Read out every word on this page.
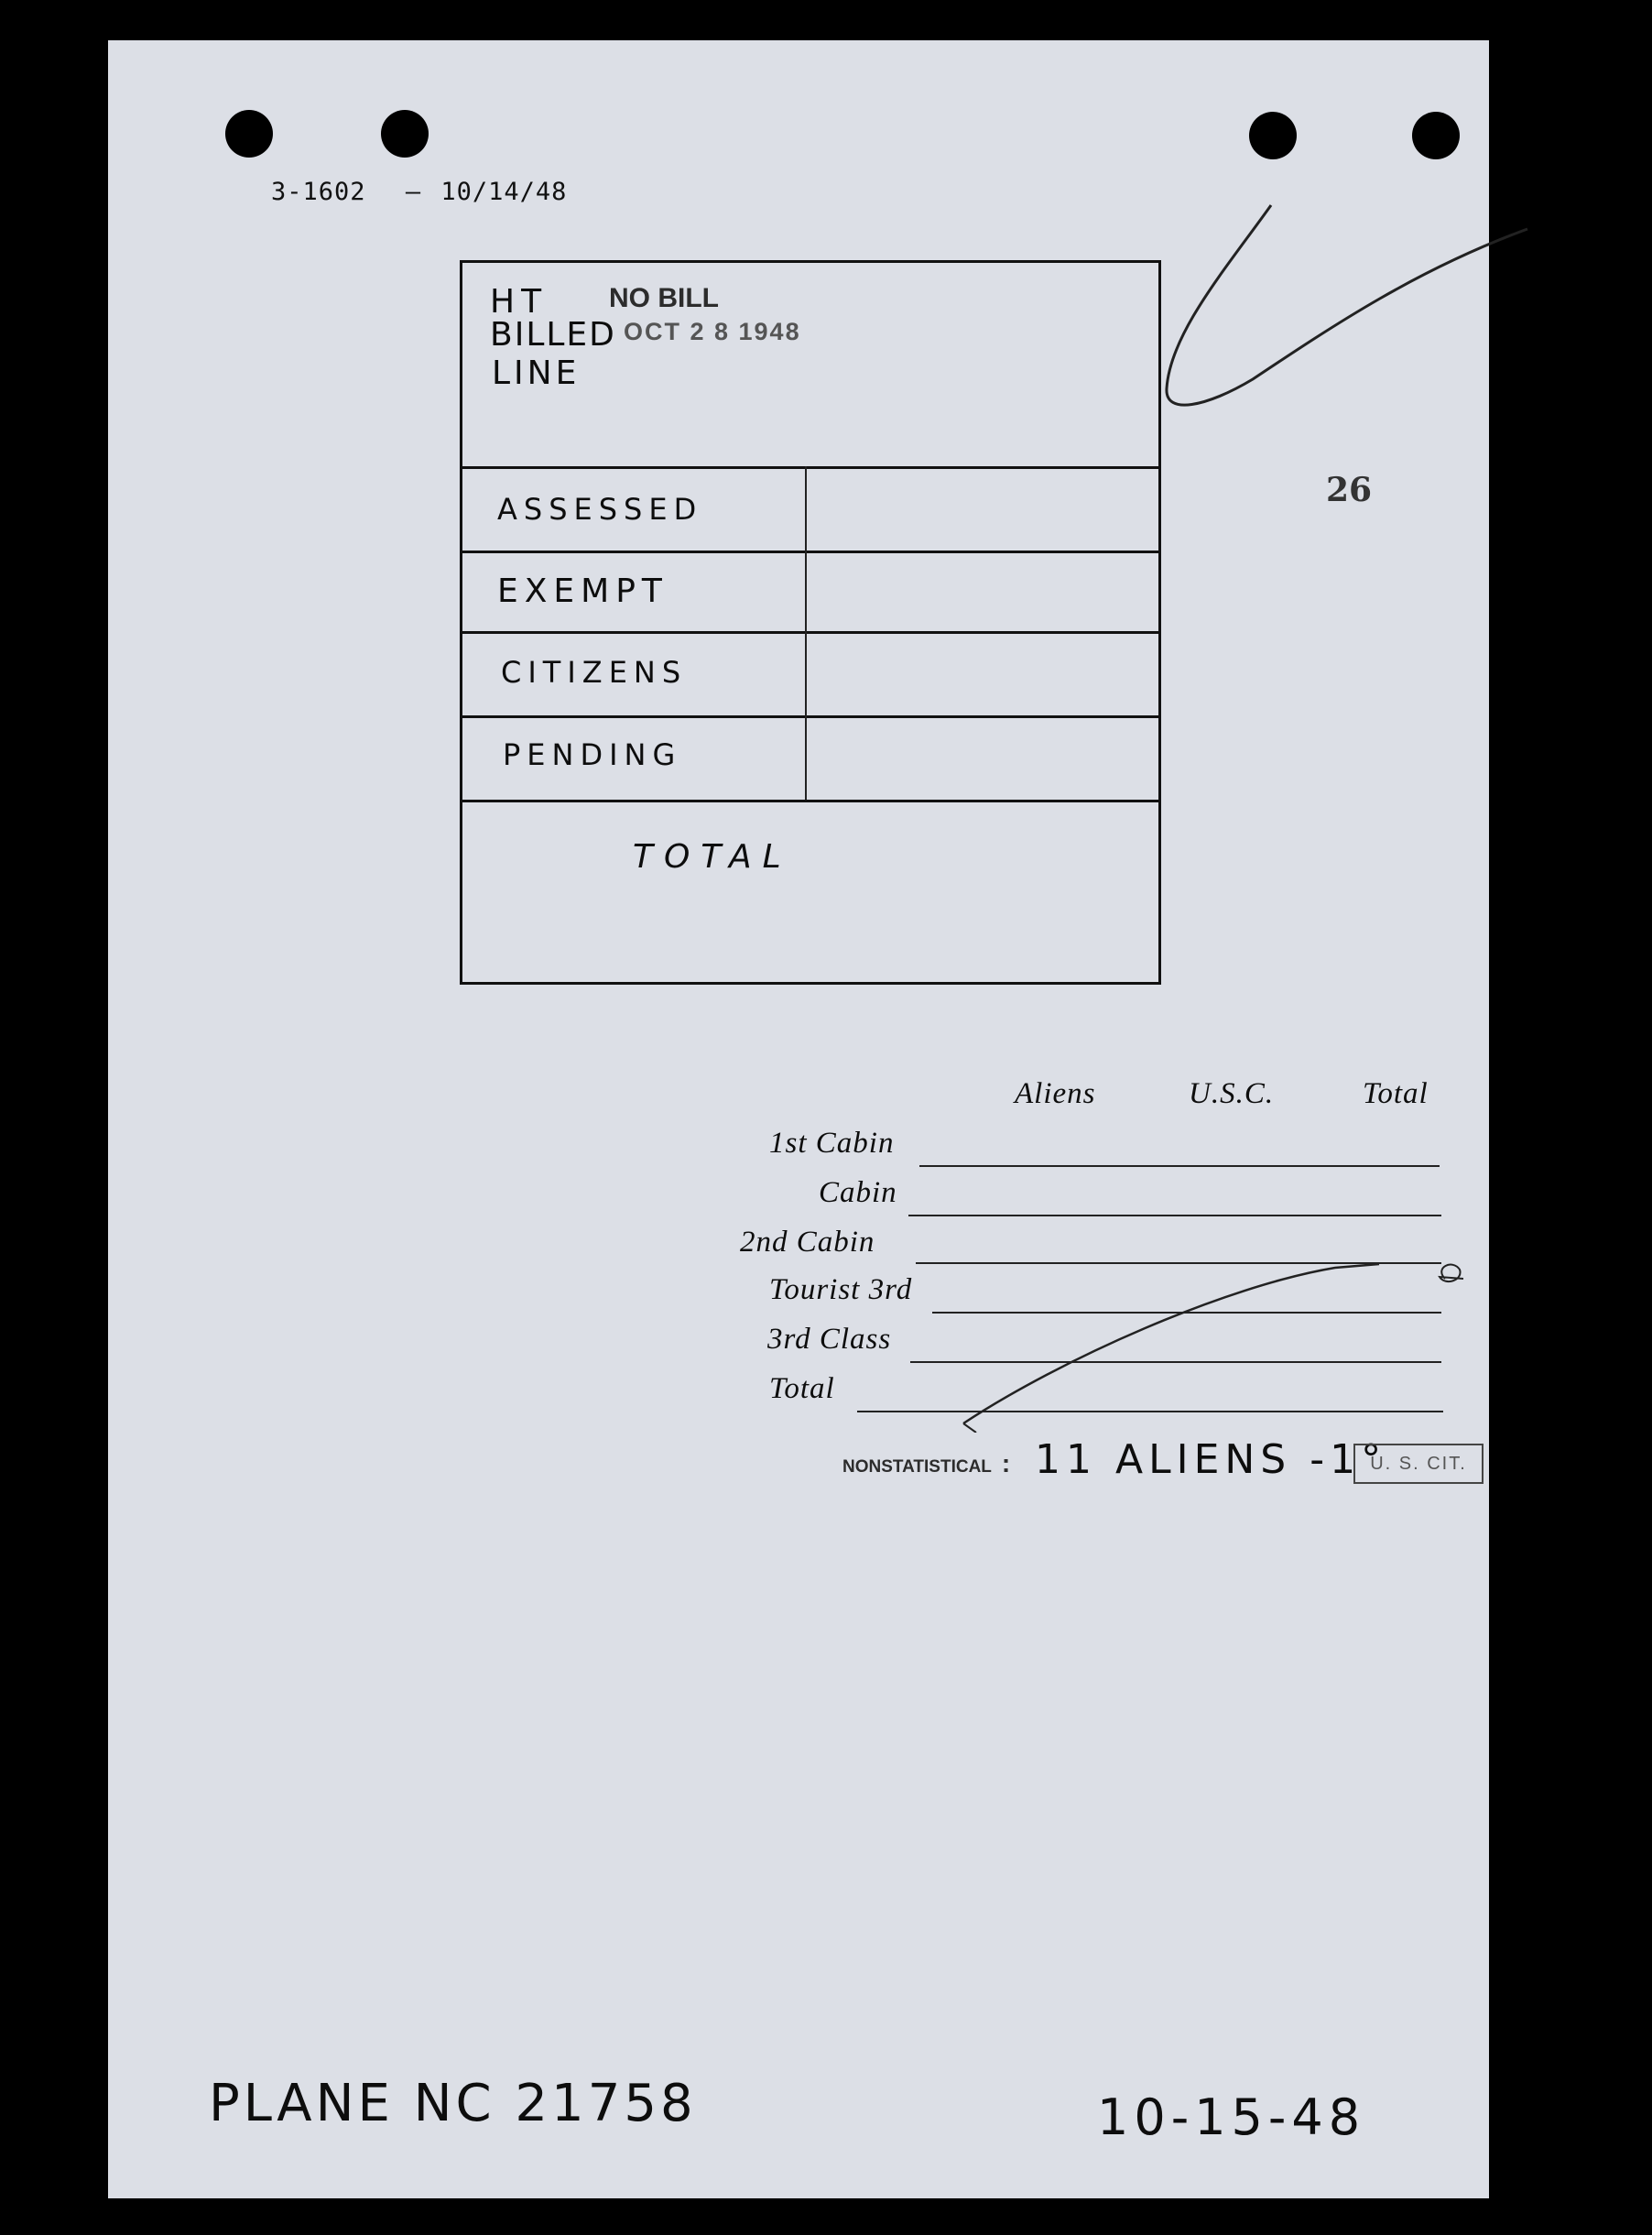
3-1602 — 10/14/48
26
HT
BILLED
LINE
NO BILL
OCT 2 8 1948
ASSESSED
EXEMPT
CITIZENS
PENDING
TOTAL
Aliens	U.S.C.	Total
1st Cabin
Cabin
2nd Cabin
Tourist 3rd
3rd Class
Total
NONSTATISTICAL : 11 ALIENS -1°
U. S. CIT.
PLANE NC 21758	10-15-48
